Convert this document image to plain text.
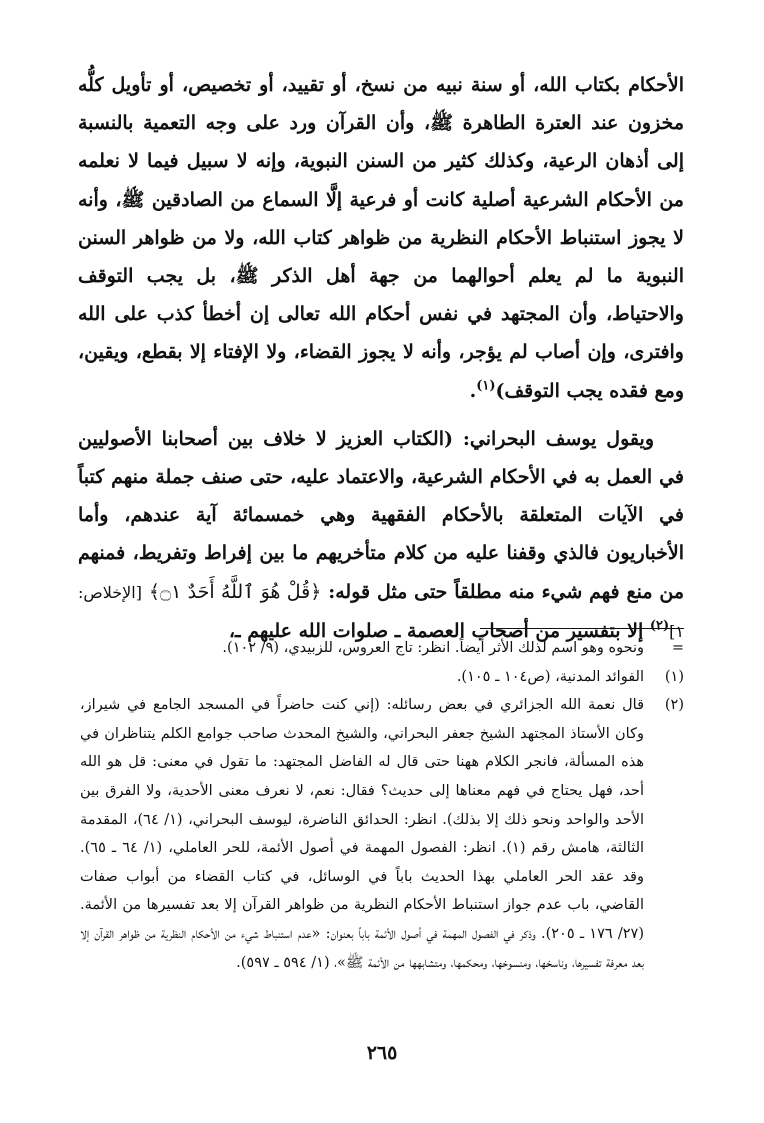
الأحكام بكتاب الله، أو سنة نبيه من نسخ، أو تقييد، أو تخصيص، أو تأويل كلُّه مخزون عند العترة الطاهرة ﷺ، وأن القرآن ورد على وجه التعمية بالنسبة إلى أذهان الرعية، وكذلك كثير من السنن النبوية، وإنه لا سبيل فيما لا نعلمه من الأحكام الشرعية أصلية كانت أو فرعية إلَّا السماع من الصادقين ﷺ، وأنه لا يجوز استنباط الأحكام النظرية من ظواهر كتاب الله، ولا من ظواهر السنن النبوية ما لم يعلم أحوالهما من جهة أهل الذكر ﷺ، بل يجب التوقف والاحتياط، وأن المجتهد في نفس أحكام الله تعالى إن أخطأ كذب على الله وافترى، وإن أصاب لم يؤجر، وأنه لا يجوز القضاء، ولا الإفتاء إلا بقطع، ويقين، ومع فقده يجب التوقف)$^{(١)}$.

ويقول يوسف البحراني: (الكتاب العزيز لا خلاف بين أصحابنا الأصوليين في العمل به في الأحكام الشرعية، والاعتماد عليه، حتى صنف جملة منهم كتباً في الآيات المتعلقة بالأحكام الفقهية وهي خمسمائة آية عندهم، وأما الأخباريون فالذي وقفنا عليه من كلام متأخريهم ما بين إفراط وتفريط، فمنهم من منع فهم شيء منه مطلقاً حتى مثل قوله: ﴿قُلْ هُوَ ٱللَّهُ أَحَدٌ ۝١﴾ [الإخلاص: ١]$^{(٢)}$ إلا بتفسير من أصحاب العصمة ـ صلوات الله عليهم ـ،

=
ونحوه وهو اسم لذلك الأثر أيضاً. انظر: تاج العروس، للزبيدي، (٩/ ١٠٢).
(١)
الفوائد المدنية، (ص١٠٤ ـ ١٠٥).
(٢)
قال نعمة الله الجزائري في بعض رسائله: (إني كنت حاضراً في المسجد الجامع في شيراز، وكان الأستاذ المجتهد الشيخ جعفر البحراني، والشيخ المحدث صاحب جوامع الكلم يتناظران في هذه المسألة، فانجر الكلام ههنا حتى قال له الفاضل المجتهد: ما تقول في معنى: قل هو الله أحد، فهل يحتاج في فهم معناها إلى حديث؟ فقال: نعم، لا نعرف معنى الأحدية، ولا الفرق بين الأحد والواحد ونحو ذلك إلا بذلك). انظر: الحدائق الناضرة، ليوسف البحراني، (١/ ٦٤)، المقدمة الثالثة، هامش رقم (١). انظر: الفصول المهمة في أصول الأئمة، للحر العاملي، (١/ ٦٤ ـ ٦٥). وقد عقد الحر العاملي بهذا الحديث باباً في الوسائل، في كتاب القضاء من أبواب صفات القاضي، باب عدم جواز استنباط الأحكام النظرية من ظواهر القرآن إلا بعد تفسيرها من الأئمة. (٢٧/ ١٧٦ ـ ٢٠٥). وذكر في الفصول المهمة في أصول الأئمة باباً بعنوان: «عدم استنباط شيء من الأحكام النظرية من ظواهر القرآن إلا بعد معرفة تفسيرها، وناسخها، ومنسوخها، ومحكمها، ومتشابهها من الأئمة ﷺ»، (١/ ٥٩٤ ـ ٥٩٧).
٢٦٥
